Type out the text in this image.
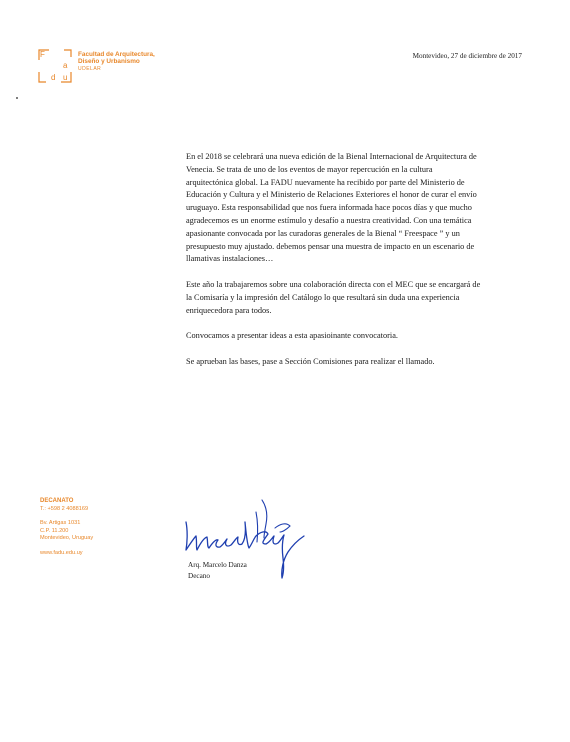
F
a
d u
Facultad de Arquitectura,
Diseño y Urbanismo
UDELAR
Montevideo, 27 de diciembre de 2017

En el 2018 se celebrará una nueva edición de la Bienal Internacional de Arquitectura de
Venecia. Se trata de uno de los eventos de mayor repercución en la cultura
arquitectónica global. La FADU nuevamente ha recibido por parte del Ministerio de
Educación y Cultura y el Ministerio de Relaciones Exteriores el honor de curar el envío
uruguayo. Esta responsabilidad que nos fuera informada hace pocos días y que mucho
agradecemos es un enorme estímulo y desafío a nuestra creatividad. Con una temática
apasionante convocada por las curadoras generales de la Bienal “ Freespace ” y un
presupuesto muy ajustado. debemos pensar una muestra de impacto en un escenario de
llamativas instalaciones…

Este año la trabajaremos sobre una colaboración directa con el MEC que se encargará de
la Comisaría y la impresión del Catálogo lo que resultará sin duda una experiencia
enriquecedora para todos.

Convocamos a presentar ideas a esta apasioinante convocatoria.

Se aprueban las bases, pase a Sección Comisiones para realizar el llamado.

DECANATO
T.: +598 2 4088169
Bv. Artigas 1031
C.P. 11.200
Montevideo, Uruguay
www.fadu.edu.uy
Arq. Marcelo Danza
Decano
